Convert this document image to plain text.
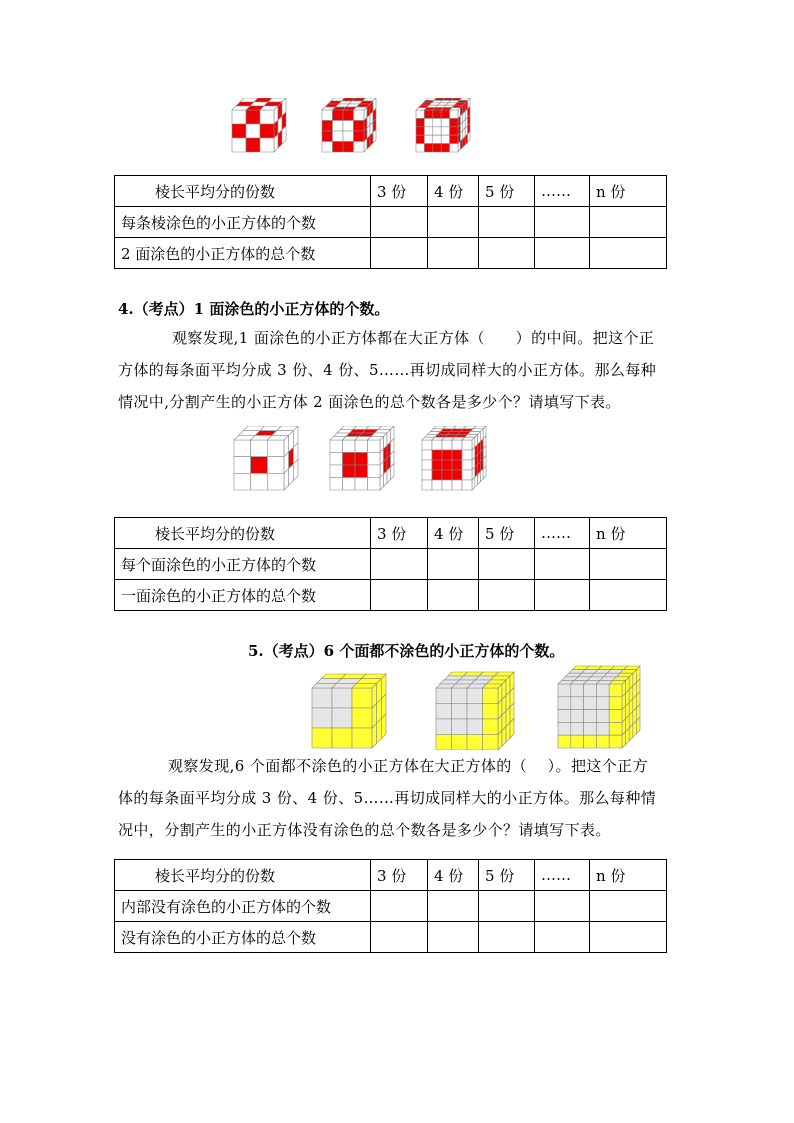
棱长平均分的份数	3 份	4 份	5 份	……	n 份
每条棱涂色的小正方体的个数					
2 面涂色的小正方体的总个数					
4.（考点）1 面涂色的小正方体的个数。
观察发现,1 面涂色的小正方体都在大正方体（　　）的中间。把这个正
方体的每条面平均分成 3 份、4 份、5……再切成同样大的小正方体。那么每种
情况中,分割产生的小正方体 2 面涂色的总个数各是多少个？请填写下表。
棱长平均分的份数	3 份	4 份	5 份	……	n 份
每个面涂色的小正方体的个数					
一面涂色的小正方体的总个数					
5.（考点）6 个面都不涂色的小正方体的个数。
观察发现,6 个面都不涂色的小正方体在大正方体的（　 ）。把这个正方
体的每条面平均分成 3 份、4 份、5……再切成同样大的小正方体。那么每种情
况中，分割产生的小正方体没有涂色的总个数各是多少个？请填写下表。
棱长平均分的份数	3 份	4 份	5 份	……	n 份
内部没有涂色的小正方体的个数					
没有涂色的小正方体的总个数					
